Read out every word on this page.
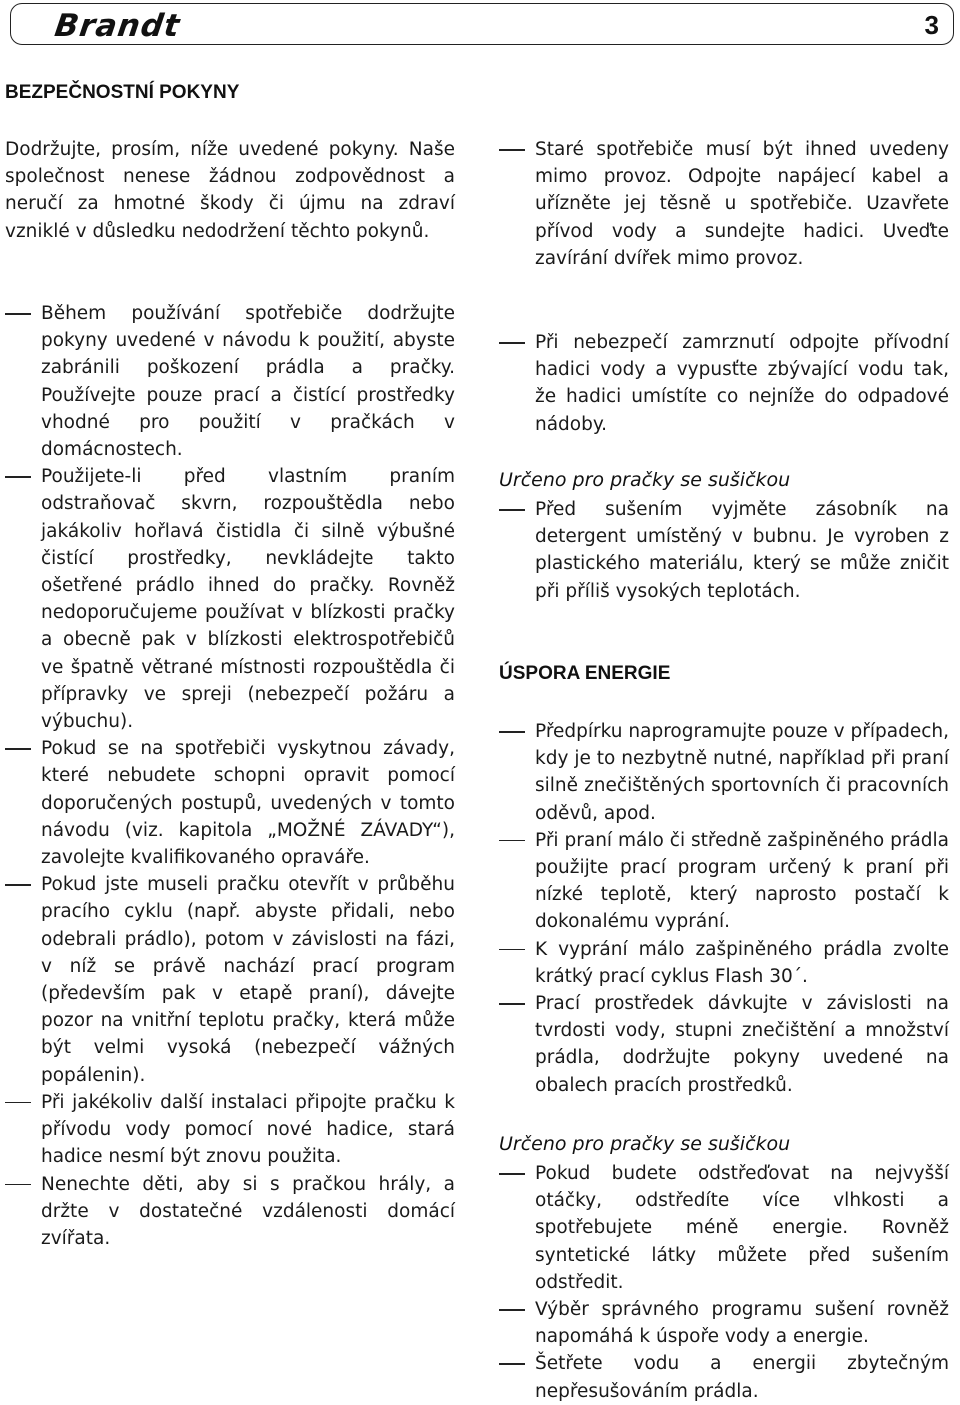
Brandt	3
BEZPEČNOSTNÍ POKYNY

Dodržujte, prosím, níže uvedené pokyny. Naše společnost nenese žádnou zodpovědnost a neručí za hmotné škody či újmu na zdraví vzniklé v důsledku nedodržení těchto pokynů.

Během používání spotřebiče dodržujte pokyny uvedené v návodu k použití, abyste zabránili poškození prádla a pračky. Používejte pouze prací a čistící prostředky vhodné pro použití v pračkách v domácnostech.
Použijete-li před vlastním praním odstraňovač skvrn, rozpouštědla nebo jakákoliv hořlavá čistidla či silně výbušné čistící prostředky, nevkládejte takto ošetřené prádlo ihned do pračky. Rovněž nedoporučujeme používat v blízkosti pračky a obecně pak v blízkosti elektrospotřebičů ve špatně větrané místnosti rozpouštědla či přípravky ve spreji (nebezpečí požáru a výbuchu).
Pokud se na spotřebiči vyskytnou závady, které nebudete schopni opravit pomocí doporučených postupů, uvedených v tomto návodu (viz. kapitola „MOŽNÉ ZÁVADY“), zavolejte kvalifikovaného opraváře.
Pokud jste museli pračku otevřít v průběhu pracího cyklu (např. abyste přidali, nebo odebrali prádlo), potom v závislosti na fázi, v níž se právě nachází prací program (především pak v etapě praní), dávejte pozor na vnitřní teplotu pračky, která může být velmi vysoká (nebezpečí vážných popálenin).
Při jakékoliv další instalaci připojte pračku k přívodu vody pomocí nové hadice, stará hadice nesmí být znovu použita.
Nenechte děti, aby si s pračkou hrály, a držte v dostatečné vzdálenosti domácí zvířata.
Staré spotřebiče musí být ihned uvedeny mimo provoz. Odpojte napájecí kabel a uřízněte jej těsně u spotřebiče. Uzavřete přívod vody a sundejte hadici. Uveďte zavírání dvířek mimo provoz.
Při nebezpečí zamrznutí odpojte přívodní hadici vody a vypusťte zbývající vodu tak, že hadici umístíte co nejníže do odpadové nádoby.
Určeno pro pračky se sušičkou
Před sušením vyjměte zásobník na detergent umístěný v bubnu. Je vyroben z plastického materiálu, který se může zničit při příliš vysokých teplotách.
ÚSPORA ENERGIE
Předpírku naprogramujte pouze v případech, kdy je to nezbytně nutné, například při praní silně znečištěných sportovních či pracovních oděvů, apod.
Při praní málo či středně zašpiněného prádla použijte prací program určený k praní při nízké teplotě, který naprosto postačí k dokonalému vyprání.
K vyprání málo zašpiněného prádla zvolte krátký prací cyklus Flash 30´.
Prací prostředek dávkujte v závislosti na tvrdosti vody, stupni znečištění a množství prádla, dodržujte pokyny uvedené na obalech pracích prostředků.
Určeno pro pračky se sušičkou
Pokud budete odstřeďovat na nejvyšší otáčky, odstředíte více vlhkosti a spotřebujete méně energie. Rovněž syntetické látky můžete před sušením odstředit.
Výběr správného programu sušení rovněž napomáhá k úspoře vody a energie.
Šetřete vodu a energii zbytečným nepřesušováním prádla.
